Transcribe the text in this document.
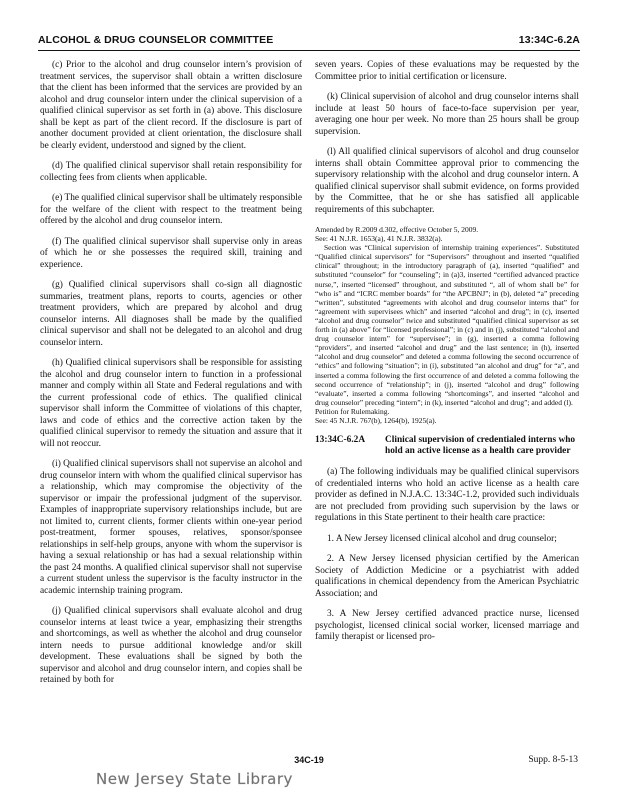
ALCOHOL & DRUG COUNSELOR COMMITTEE	13:34C-6.2A

(c) Prior to the alcohol and drug counselor intern’s provision of treatment services, the supervisor shall obtain a written disclosure that the client has been informed that the services are provided by an alcohol and drug counselor intern under the clinical supervision of a qualified clinical supervisor as set forth in (a) above. This disclosure shall be kept as part of the client record. If the disclosure is part of another document provided at client orientation, the disclosure shall be clearly evident, understood and signed by the client.

(d) The qualified clinical supervisor shall retain responsibility for collecting fees from clients when applicable.

(e) The qualified clinical supervisor shall be ultimately responsible for the welfare of the client with respect to the treatment being offered by the alcohol and drug counselor intern.

(f) The qualified clinical supervisor shall supervise only in areas of which he or she possesses the required skill, training and experience.

(g) Qualified clinical supervisors shall co-sign all diagnostic summaries, treatment plans, reports to courts, agencies or other treatment providers, which are prepared by alcohol and drug counselor interns. All diagnoses shall be made by the qualified clinical supervisor and shall not be delegated to an alcohol and drug counselor intern.

(h) Qualified clinical supervisors shall be responsible for assisting the alcohol and drug counselor intern to function in a professional manner and comply within all State and Federal regulations and with the current professional code of ethics. The qualified clinical supervisor shall inform the Committee of violations of this chapter, laws and code of ethics and the corrective action taken by the qualified clinical supervisor to remedy the situation and assure that it will not reoccur.

(i) Qualified clinical supervisors shall not supervise an alcohol and drug counselor intern with whom the qualified clinical supervisor has a relationship, which may compromise the objectivity of the supervisor or impair the professional judgment of the supervisor. Examples of inappropriate supervisory relationships include, but are not limited to, current clients, former clients within one-year period post-treatment, former spouses, relatives, sponsor/sponsee relationships in self-help groups, anyone with whom the supervisor is having a sexual relationship or has had a sexual relationship within the past 24 months. A qualified clinical supervisor shall not supervise a current student unless the supervisor is the faculty instructor in the academic internship training program.

(j) Qualified clinical supervisors shall evaluate alcohol and drug counselor interns at least twice a year, emphasizing their strengths and shortcomings, as well as whether the alcohol and drug counselor intern needs to pursue additional knowledge and/or skill development. These evaluations shall be signed by both the supervisor and alcohol and drug counselor intern, and copies shall be retained by both for

seven years. Copies of these evaluations may be requested by the Committee prior to initial certification or licensure.

(k) Clinical supervision of alcohol and drug counselor interns shall include at least 50 hours of face-to-face supervision per year, averaging one hour per week. No more than 25 hours shall be group supervision.

(l) All qualified clinical supervisors of alcohol and drug counselor interns shall obtain Committee approval prior to commencing the supervisory relationship with the alcohol and drug counselor intern. A qualified clinical supervisor shall submit evidence, on forms provided by the Committee, that he or she has satisfied all applicable requirements of this subchapter.

Amended by R.2009 d.302, effective October 5, 2009.

See: 41 N.J.R. 1653(a), 41 N.J.R. 3832(a).

Section was “Clinical supervision of internship training experiences”. Substituted “Qualified clinical supervisors” for “Supervisors” throughout and inserted “qualified clinical” throughout; in the introductory paragraph of (a), inserted “qualified” and substituted “counselor” for “counseling”; in (a)3, inserted “certified advanced practice nurse,”, inserted “licensed” throughout, and substituted “, all of whom shall be” for “who is” and “ICRC member boards” for “the APCBNJ”; in (b), deleted “a” preceding “written”, substituted “agreements with alcohol and drug counselor interns that” for “agreement with supervisees which” and inserted “alcohol and drug”; in (c), inserted “alcohol and drug counselor” twice and substituted “qualified clinical supervisor as set forth in (a) above” for “licensed professional”; in (c) and in (j), substituted “alcohol and drug counselor intern” for “supervisee”; in (g), inserted a comma following “providers”, and inserted “alcohol and drug” and the last sentence; in (h), inserted “alcohol and drug counselor” and deleted a comma following the second occurrence of “ethics” and following “situation”; in (i), substituted “an alcohol and drug” for “a”, and inserted a comma following the first occurrence of and deleted a comma following the second occurrence of “relationship”; in (j), inserted “alcohol and drug” following “evaluate”, inserted a comma following “shortcomings”, and inserted “alcohol and drug counselor” preceding “intern”; in (k), inserted “alcohol and drug”; and added (l).

Petition for Rulemaking.

See: 45 N.J.R. 767(b), 1264(b), 1925(a).

13:34C-6.2A	Clinical supervision of credentialed interns who hold an active license as a health care provider

(a) The following individuals may be qualified clinical supervisors of credentialed interns who hold an active license as a health care provider as defined in N.J.A.C. 13:34C-1.2, provided such individuals are not precluded from providing such supervision by the laws or regulations in this State pertinent to their health care practice:

1. A New Jersey licensed clinical alcohol and drug counselor;

2. A New Jersey licensed physician certified by the American Society of Addiction Medicine or a psychiatrist with added qualifications in chemical dependency from the American Psychiatric Association; and

3. A New Jersey certified advanced practice nurse, licensed psychologist, licensed clinical social worker, licensed marriage and family therapist or licensed pro-

34C-19	Supp. 8-5-13
New Jersey State Library
